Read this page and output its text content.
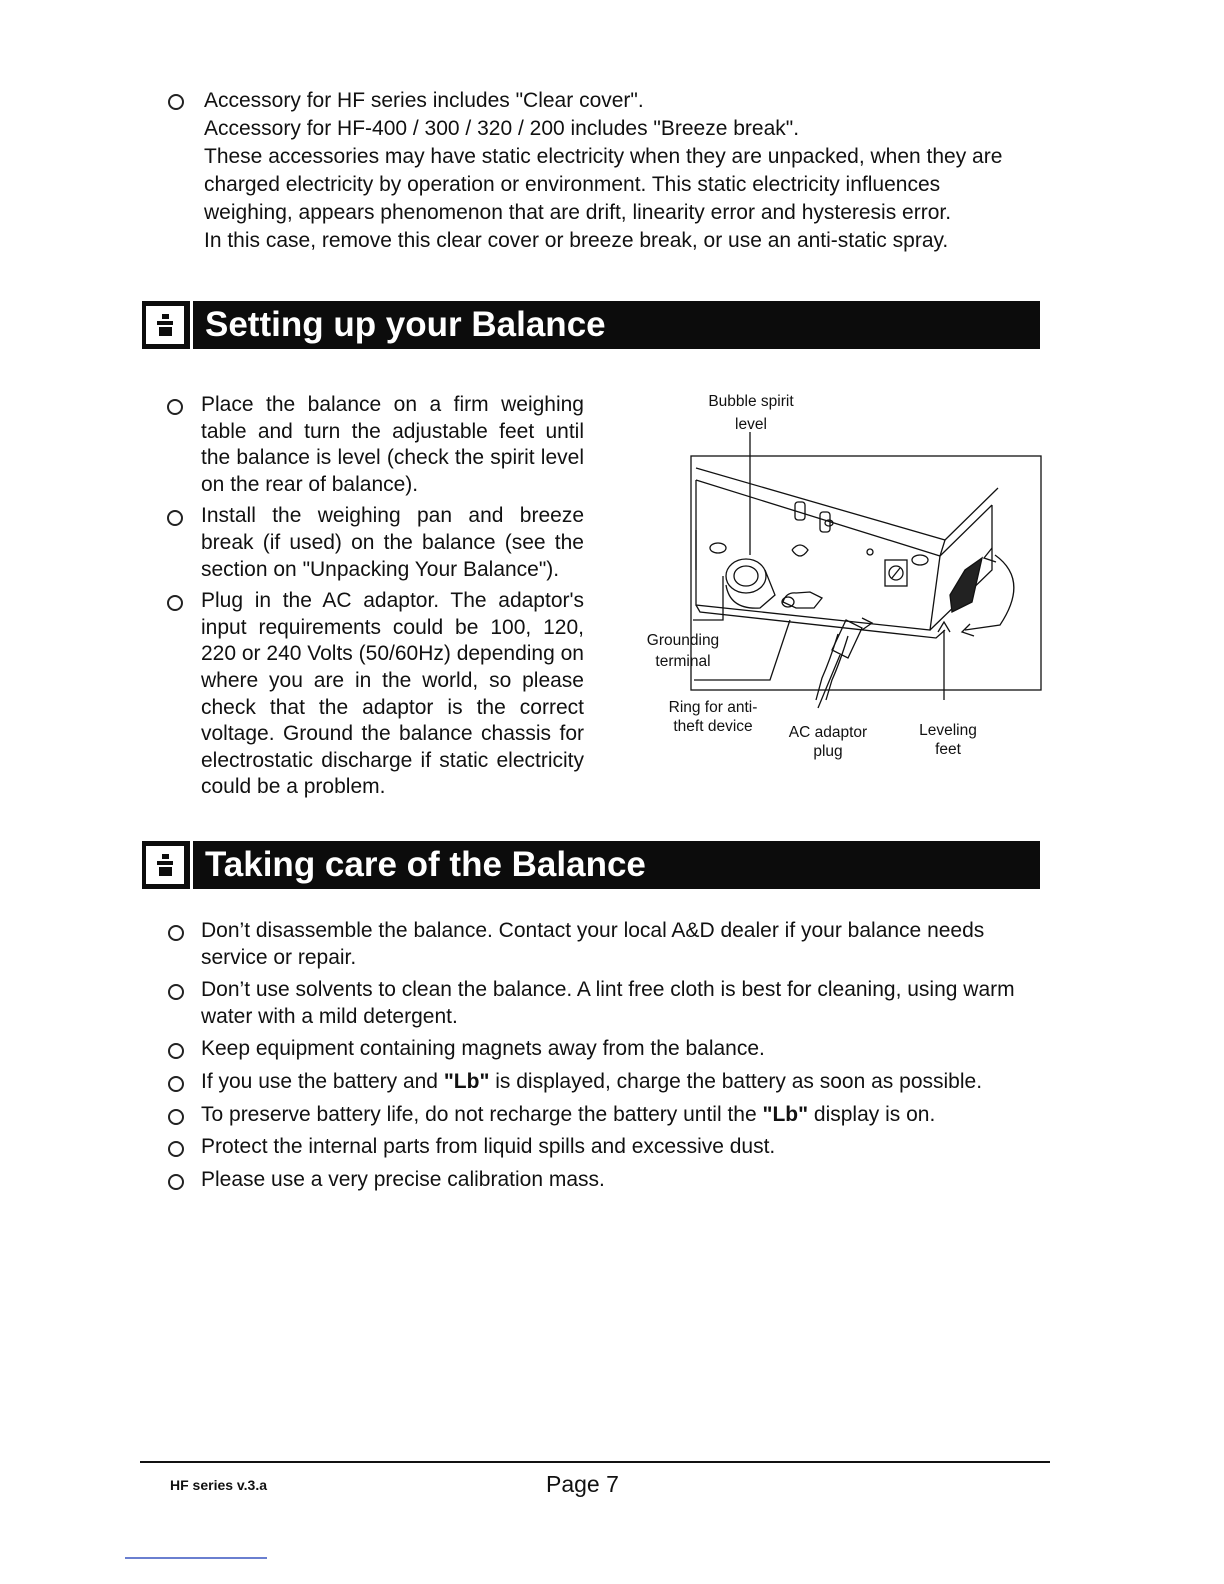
Accessory for HF series includes "Clear cover".

Accessory for HF-400 / 300 / 320 / 200 includes "Breeze break".

These accessories may have static electricity when they are unpacked, when they are

charged electricity by operation or environment. This static electricity influences

weighing, appears phenomenon that are drift, linearity error and hysteresis error.

In this case, remove this clear cover or breeze break, or use an anti-static spray.

Setting up your Balance

Place the balance on a firm weighing table and turn the adjustable feet until the balance is level (check the spirit level on the rear of balance).

Install the weighing pan and breeze break (if used) on the balance (see the section on "Unpacking Your Balance").

Plug in the AC adaptor. The adaptor's input requirements could be 100, 120, 220 or 240 Volts (50/60Hz) depending on where you are in the world, so please check that the adaptor is the correct voltage. Ground the balance chassis for electrostatic discharge if static electricity could be a problem.

Bubble spirit
level
Grounding
terminal
Ring for anti-
theft device	AC adaptor
plug
Leveling
feet
Taking care of the Balance

Don’t disassemble the balance. Contact your local A&D dealer if your balance needs service or repair.

Don’t use solvents to clean the balance. A lint free cloth is best for cleaning, using warm water with a mild detergent.

Keep equipment containing magnets away from the balance.

If you use the battery and "Lb" is displayed, charge the battery as soon as possible.

To preserve battery life, do not recharge the battery until the "Lb" display is on.

Protect the internal parts from liquid spills and excessive dust.

Please use a very precise calibration mass.

HF series v.3.a	Page 7
